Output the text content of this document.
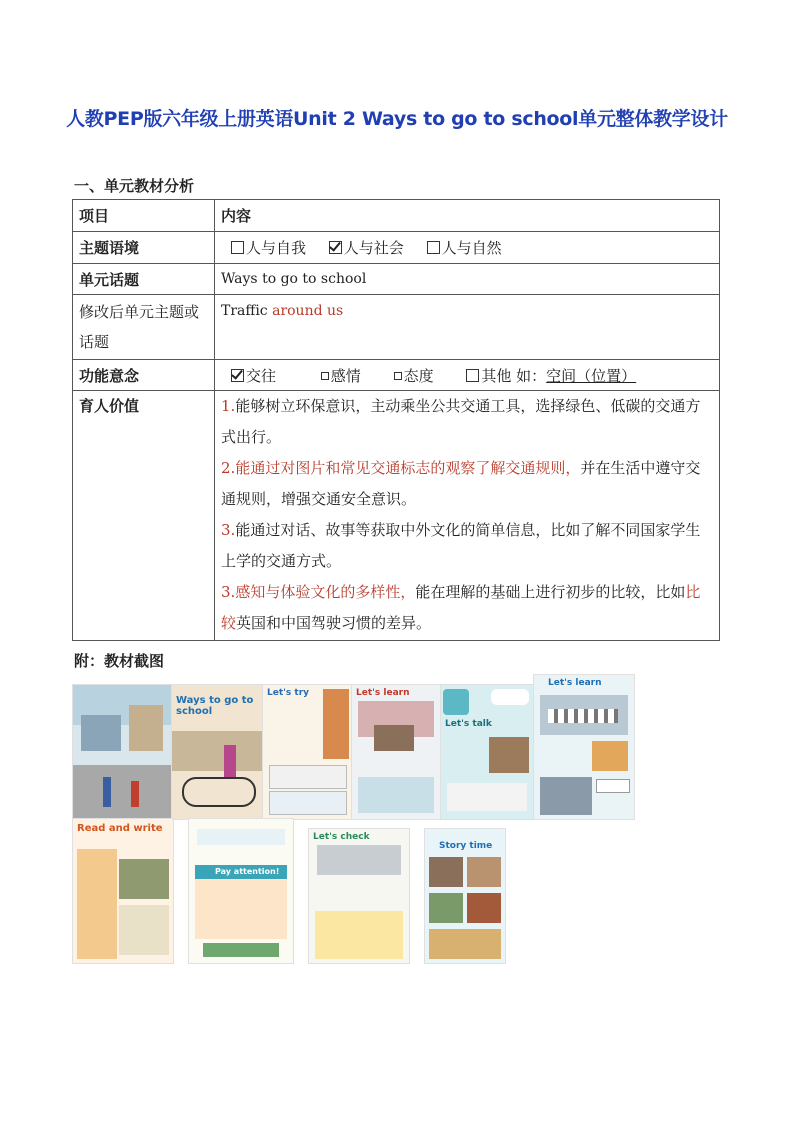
人教PEP版六年级上册英语Unit 2 Ways to go to school单元整体教学设计
一、单元教材分析
项目	内容
主题语境	人与自我 人与社会 人与自然
单元话题	Ways to go to school
修改后单元主题或话题	Traffic around us
功能意念	交往 感情 态度 其他 如：空间（位置）
育人价值	1.能够树立环保意识，主动乘坐公共交通工具，选择绿色、低碳的交通方式出行。

2.能通过对图片和常见交通标志的观察了解交通规则，并在生活中遵守交通规则，增强交通安全意识。

3.能通过对话、故事等获取中外文化的简单信息，比如了解不同国家学生上学的交通方式。

3.感知与体验文化的多样性，能在理解的基础上进行初步的比较，比如比较英国和中国驾驶习惯的差异。

附：教材截图
Ways to go to school
Let's try	Let's learn
Let's talk
Let's learn
Read and write
Pay attention!
Let's check
Story time
